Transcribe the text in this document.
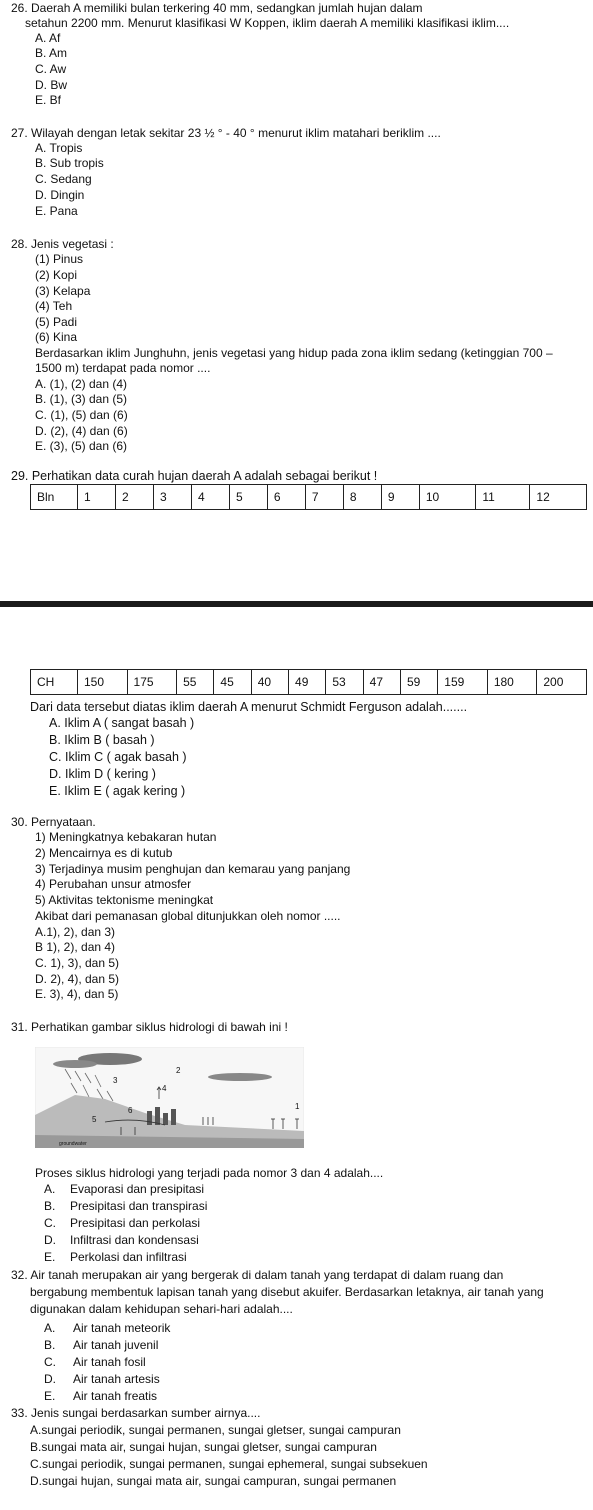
26. Daerah A memiliki bulan terkering 40 mm, sedangkan jumlah hujan dalam
setahun 2200 mm. Menurut klasifikasi W Koppen, iklim daerah A memiliki klasifikasi iklim....
A. Af
B. Am
C. Aw
D. Bw
E. Bf
27. Wilayah dengan letak sekitar 23 ½ ° - 40 ° menurut iklim matahari beriklim ....
A. Tropis
B. Sub tropis
C. Sedang
D. Dingin
E. Pana
28. Jenis vegetasi :
(1) Pinus
(2) Kopi
(3) Kelapa
(4) Teh
(5) Padi
(6) Kina
Berdasarkan iklim Junghuhn, jenis vegetasi yang hidup pada zona iklim sedang (ketinggian 700 –
1500 m) terdapat pada nomor ....
A. (1), (2) dan (4)
B. (1), (3) dan (5)
C. (1), (5) dan (6)
D. (2), (4) dan (6)
E. (3), (5) dan (6)
29. Perhatikan data curah hujan daerah A adalah sebagai berikut !
Bln	1	2	3	4	5	6	7	8	9	10	11	12
CH	150	175	55	45	40	49	53	47	59	159	180	200
Dari data tersebut diatas iklim daerah A menurut Schmidt Ferguson adalah.......
A. Iklim A ( sangat basah )
B. Iklim B ( basah )
C. Iklim C ( agak basah )
D. Iklim D ( kering )
E. Iklim E ( agak kering )
30. Pernyataan.
1) Meningkatnya kebakaran hutan
2) Mencairnya es di kutub
3) Terjadinya musim penghujan dan kemarau yang panjang
4) Perubahan unsur atmosfer
5) Aktivitas tektonisme meningkat
Akibat dari pemanasan global ditunjukkan oleh nomor .....
A.1), 2), dan 3)
B 1), 2), dan 4)
C. 1), 3), dan 5)
D. 2), 4), dan 5)
E. 3), 4), dan 5)
31. Perhatikan gambar siklus hidrologi di bawah ini !
1
2
3
4
5
6
groundwater
Proses siklus hidrologi yang terjadi pada nomor 3 dan 4 adalah....
A. Evaporasi dan presipitasi
B. Presipitasi dan transpirasi
C. Presipitasi dan perkolasi
D. Infiltrasi dan kondensasi
E. Perkolasi dan infiltrasi
32. Air tanah merupakan air yang bergerak di dalam tanah yang terdapat di dalam ruang dan
bergabung membentuk lapisan tanah yang disebut akuifer. Berdasarkan letaknya, air tanah yang
digunakan dalam kehidupan sehari-hari adalah....
A. Air tanah meteorik
B. Air tanah juvenil
C. Air tanah fosil
D. Air tanah artesis
E. Air tanah freatis
33. Jenis sungai berdasarkan sumber airnya....
A.sungai periodik, sungai permanen, sungai gletser, sungai campuran
B.sungai mata air, sungai hujan, sungai gletser, sungai campuran
C.sungai periodik, sungai permanen, sungai ephemeral, sungai subsekuen
D.sungai hujan, sungai mata air, sungai campuran, sungai permanen
